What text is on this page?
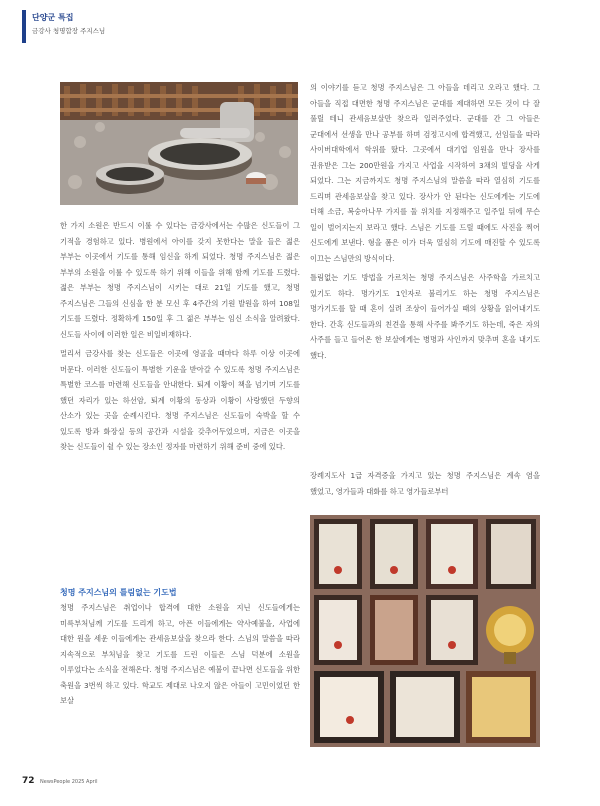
단양군 특집
금강사 청명합장 주지스님

한 가지 소원은 반드시 이룰 수 있다는 금강사에서는 수많은 신도들이 그 기적을 경험하고 있다. 병원에서 아이를 갖지 못한다는 말을 들은 젊은 부부는 이곳에서 기도를 통해 임신을 하게 되었다. 청명 주지스님은 젊은 부부의 소원을 이룰 수 있도록 하기 위해 이들을 위해 함께 기도를 드렸다. 젊은 부부는 청명 주지스님이 시키는 대로 21일 기도를 했고, 청명 주지스님은 그들의 신심을 한 분 모신 후 4주간의 기원 발원을 하여 108일 기도를 드렸다. 정확하게 150일 후 그 젊은 부부는 임신 소식을 알려왔다. 신도들 사이에 이러한 일은 비일비재하다.

멀리서 금강사를 찾는 신도들은 이곳에 영골을 때마다 하루 이상 이곳에 머문다. 이러한 신도들이 특별한 기운을 받아갈 수 있도록 청명 주지스님은 특별한 코스를 마련해 신도들을 안내한다. 퇴계 이황이 책을 넘기며 기도를 했던 자리가 있는 하선암, 퇴계 이황의 동상과 이황이 사랑했던 두향의 산소가 있는 곳을 순례시킨다. 청명 주지스님은 신도들이 숙박을 할 수 있도록 방과 화장실 등의 공간과 시설을 갖추어두었으며, 지금은 이곳을 찾는 신도들이 쉴 수 있는 장소인 정자를 마련하기 위해 준비 중에 있다.

청명 주지스님의 틀림없는 기도법

청명 주지스님은 취업이나 합격에 대한 소원을 지닌 신도들에게는 미륵부처님께 기도를 드리게 하고, 아픈 이들에게는 약사예불을, 사업에 대한 원을 세운 이들에게는 관세음보살을 찾으라 한다. 스님의 말씀을 따라 지속적으로 부처님을 찾고 기도를 드린 이들은 스님 덕분에 소원을 이루었다는 소식을 전해온다. 청명 주지스님은 예불이 끝나면 신도들을 위한 축원을 3번씩 하고 있다. 학교도 제대로 나오지 않은 아들이 고민이었던 한 보살

의 이야기를 듣고 청명 주지스님은 그 아들을 데리고 오라고 했다. 그 아들을 직접 대면한 청명 주지스님은 군대를 제대하면 모든 것이 다 잘 풀릴 테니 관세음보살만 찾으라 일러주었다. 군대를 간 그 아들은 군대에서 선생을 만나 공부를 하며 검정고시에 합격했고, 선임들을 따라 사이버대학에서 학위를 땄다. 그곳에서 대기업 임원을 만나 장사를 권유받은 그는 200만원을 가지고 사업을 시작하여 3채의 빌딩을 사게 되었다. 그는 지금까지도 청명 주지스님의 말씀을 따라 열심히 기도를 드리며 관세음보살을 찾고 있다. 장사가 안 된다는 신도에게는 기도에 더해 소금, 복숭아나무 가지를 둘 위치를 지정해주고 일주일 뒤에 무슨 일이 벌어지는지 보라고 했다. 스님은 기도를 드릴 때에도 사진을 찍어 신도에게 보낸다. 형을 폼은 이가 더욱 열심히 기도에 매진할 수 있도록 이끄는 스님만의 방식이다.

틀림없는 기도 방법을 가르치는 청명 주지스님은 사주학을 가르치고 있기도 하다. 명가기도 1인자로 불리기도 하는 청명 주지스님은 명가기도를 할 때 혼이 실려 조상이 들어가실 때의 상황을 읽어내기도 한다. 간혹 신도들과의 친견을 통해 사주를 봐주기도 하는데, 죽은 자의 사주를 들고 들어온 한 보살에게는 병명과 사인까지 맞추며 혼을 내기도 했다.

장례지도사 1급 자격증을 가지고 있는 청명 주지스님은 계속 염을 했었고, 영가들과 대화를 하고 영가들로부터

72 NewsPeople 2025 April
